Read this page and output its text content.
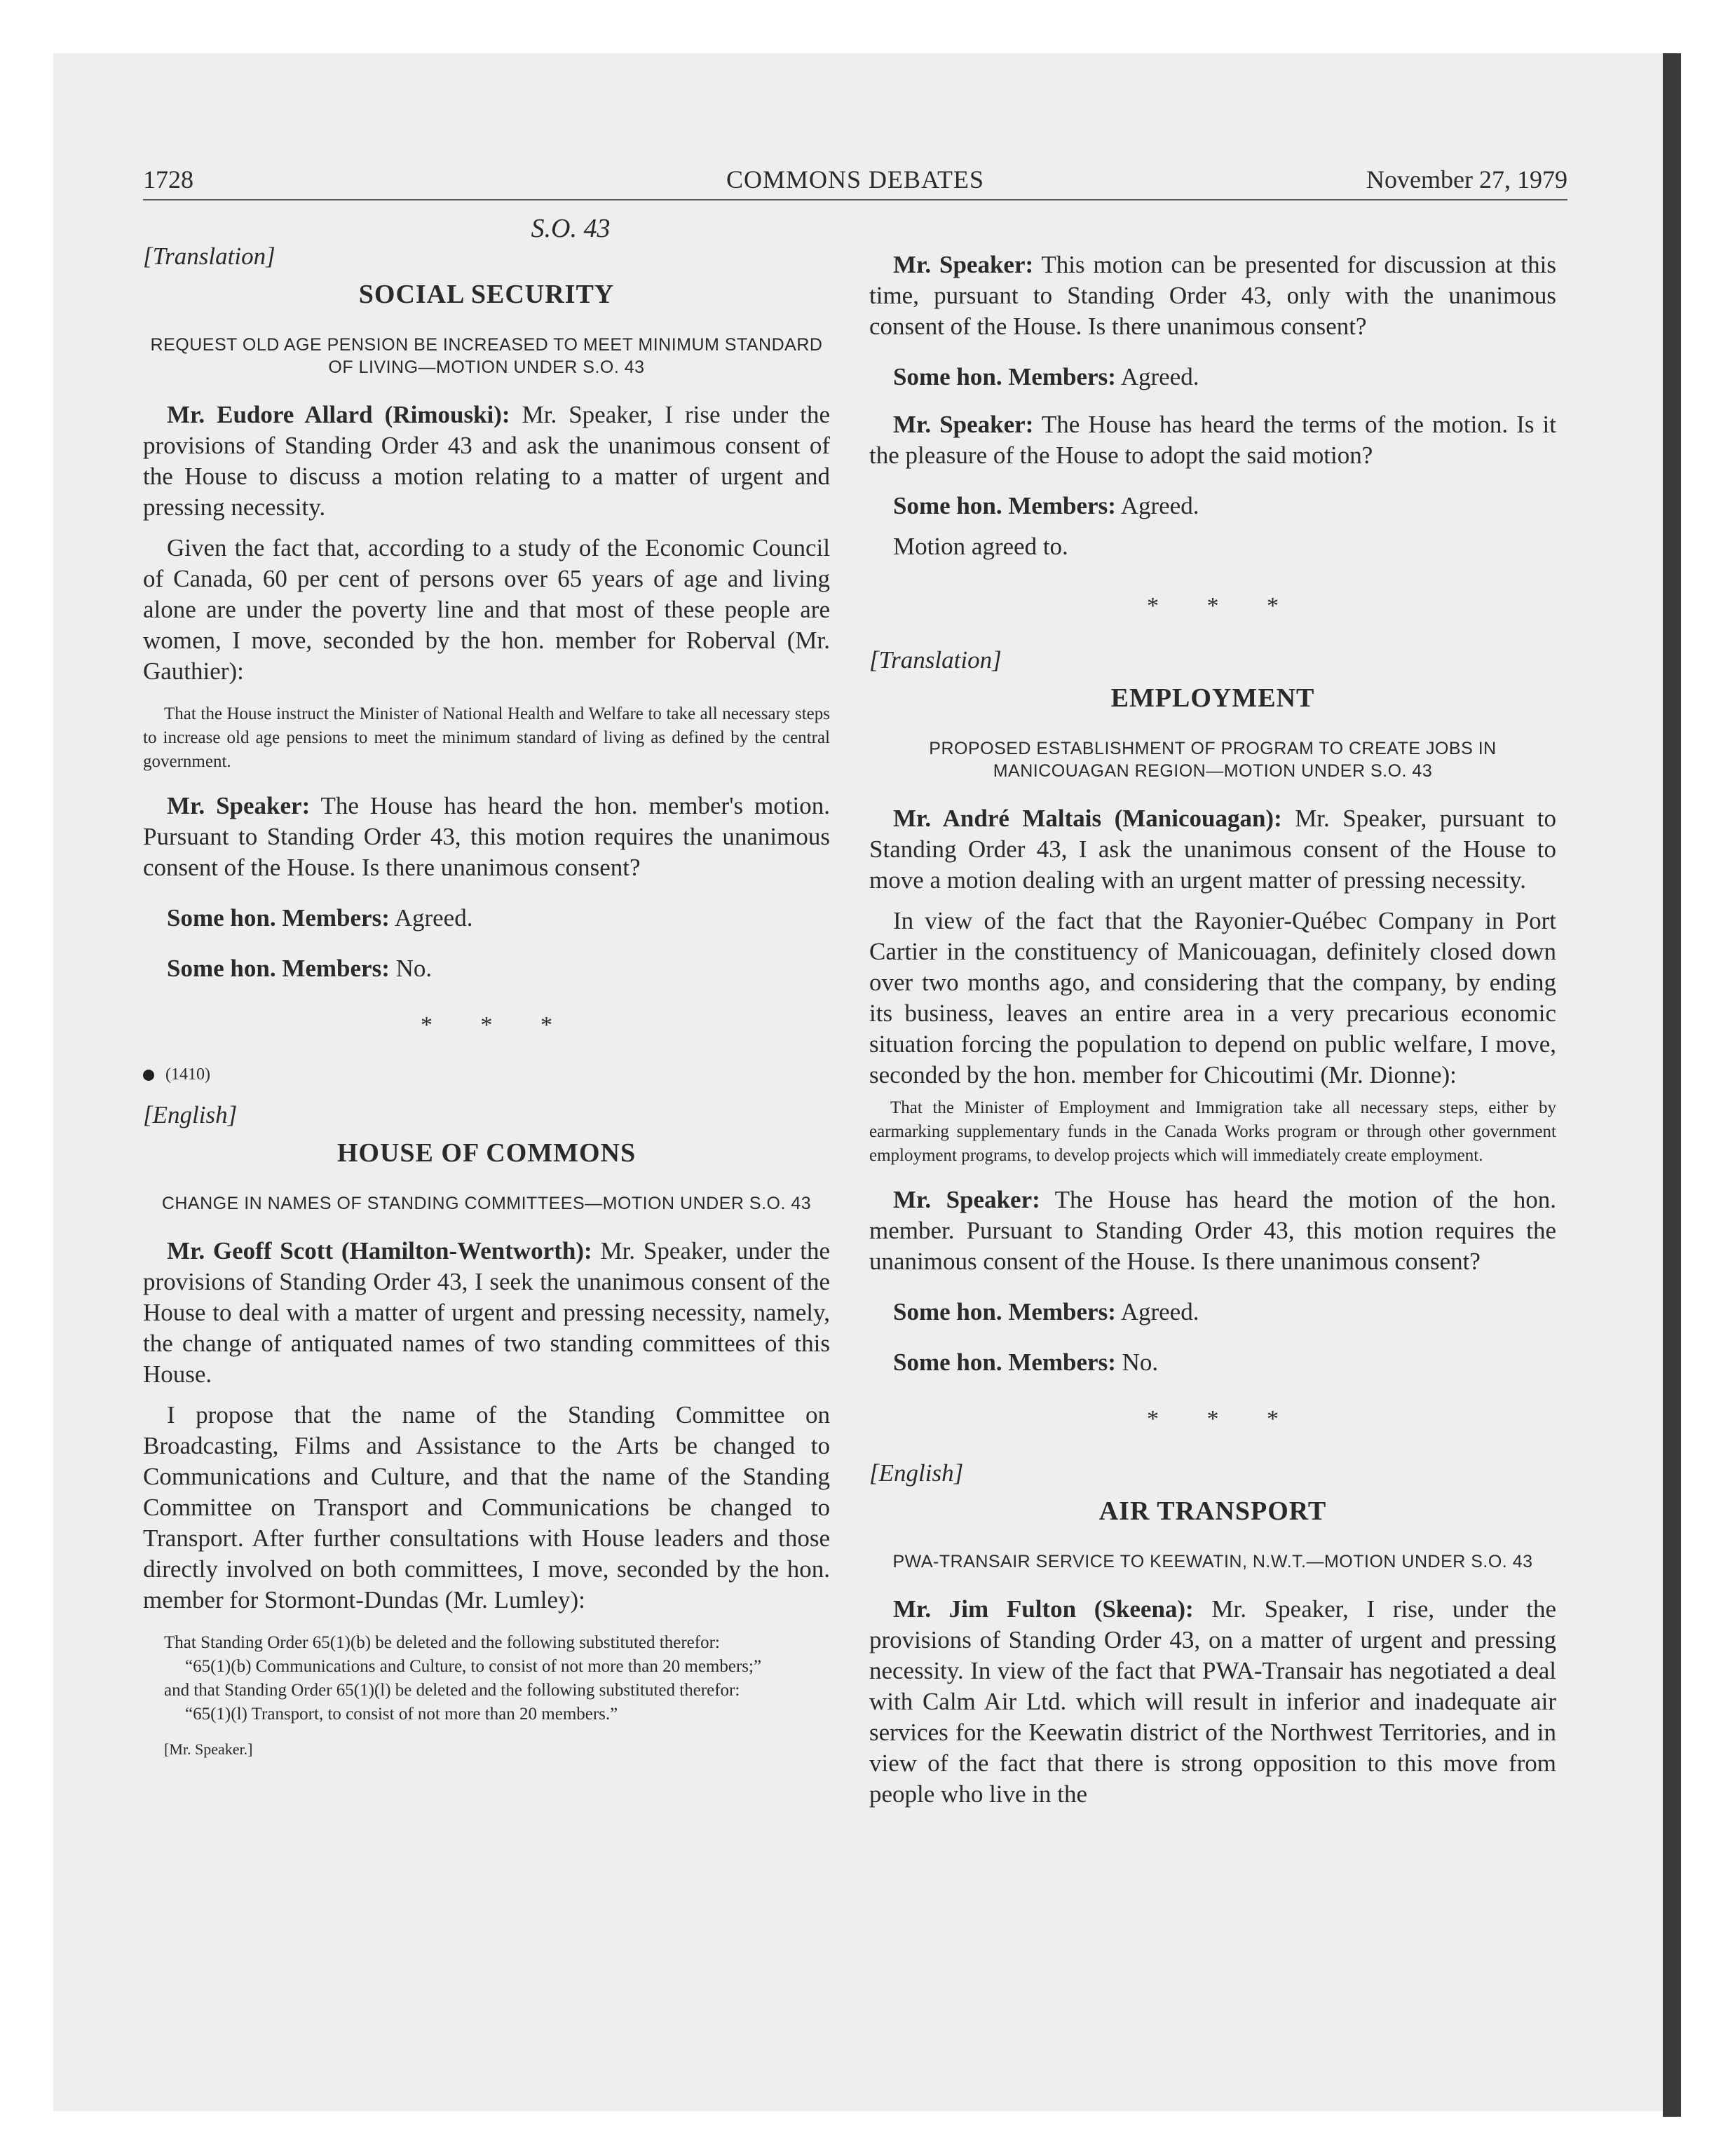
1728	COMMONS DEBATES	November 27, 1979

S.O. 43

[Translation]

SOCIAL SECURITY

REQUEST OLD AGE PENSION BE INCREASED TO MEET MINIMUM STANDARD OF LIVING—MOTION UNDER S.O. 43

Mr. Eudore Allard (Rimouski): Mr. Speaker, I rise under the provisions of Standing Order 43 and ask the unanimous consent of the House to discuss a motion relating to a matter of urgent and pressing necessity.

Given the fact that, according to a study of the Economic Council of Canada, 60 per cent of persons over 65 years of age and living alone are under the poverty line and that most of these people are women, I move, seconded by the hon. member for Roberval (Mr. Gauthier):

That the House instruct the Minister of National Health and Welfare to take all necessary steps to increase old age pensions to meet the minimum standard of living as defined by the central government.

Mr. Speaker: The House has heard the hon. member's motion. Pursuant to Standing Order 43, this motion requires the unanimous consent of the House. Is there unanimous consent?

Some hon. Members: Agreed.

Some hon. Members: No.

* * *

(1410)

[English]

HOUSE OF COMMONS

CHANGE IN NAMES OF STANDING COMMITTEES—MOTION UNDER S.O. 43

Mr. Geoff Scott (Hamilton-Wentworth): Mr. Speaker, under the provisions of Standing Order 43, I seek the unanimous consent of the House to deal with a matter of urgent and pressing necessity, namely, the change of antiquated names of two standing committees of this House.

I propose that the name of the Standing Committee on Broadcasting, Films and Assistance to the Arts be changed to Communications and Culture, and that the name of the Standing Committee on Transport and Communications be changed to Transport. After further consultations with House leaders and those directly involved on both committees, I move, seconded by the hon. member for Stormont-Dundas (Mr. Lumley):

That Standing Order 65(1)(b) be deleted and the following substituted therefor:

“65(1)(b) Communications and Culture, to consist of not more than 20 members;”

and that Standing Order 65(1)(l) be deleted and the following substituted therefor:

“65(1)(l) Transport, to consist of not more than 20 members.”

[Mr. Speaker.]

Mr. Speaker: This motion can be presented for discussion at this time, pursuant to Standing Order 43, only with the unanimous consent of the House. Is there unanimous consent?

Some hon. Members: Agreed.

Mr. Speaker: The House has heard the terms of the motion. Is it the pleasure of the House to adopt the said motion?

Some hon. Members: Agreed.

Motion agreed to.

* * *

[Translation]

EMPLOYMENT

PROPOSED ESTABLISHMENT OF PROGRAM TO CREATE JOBS IN MANICOUAGAN REGION—MOTION UNDER S.O. 43

Mr. André Maltais (Manicouagan): Mr. Speaker, pursuant to Standing Order 43, I ask the unanimous consent of the House to move a motion dealing with an urgent matter of pressing necessity.

In view of the fact that the Rayonier-Québec Company in Port Cartier in the constituency of Manicouagan, definitely closed down over two months ago, and considering that the company, by ending its business, leaves an entire area in a very precarious economic situation forcing the population to depend on public welfare, I move, seconded by the hon. member for Chicoutimi (Mr. Dionne):

That the Minister of Employment and Immigration take all necessary steps, either by earmarking supplementary funds in the Canada Works program or through other government employment programs, to develop projects which will immediately create employment.

Mr. Speaker: The House has heard the motion of the hon. member. Pursuant to Standing Order 43, this motion requires the unanimous consent of the House. Is there unanimous consent?

Some hon. Members: Agreed.

Some hon. Members: No.

* * *

[English]

AIR TRANSPORT

PWA-TRANSAIR SERVICE TO KEEWATIN, N.W.T.—MOTION UNDER S.O. 43

Mr. Jim Fulton (Skeena): Mr. Speaker, I rise, under the provisions of Standing Order 43, on a matter of urgent and pressing necessity. In view of the fact that PWA-Transair has negotiated a deal with Calm Air Ltd. which will result in inferior and inadequate air services for the Keewatin district of the Northwest Territories, and in view of the fact that there is strong opposition to this move from people who live in the
